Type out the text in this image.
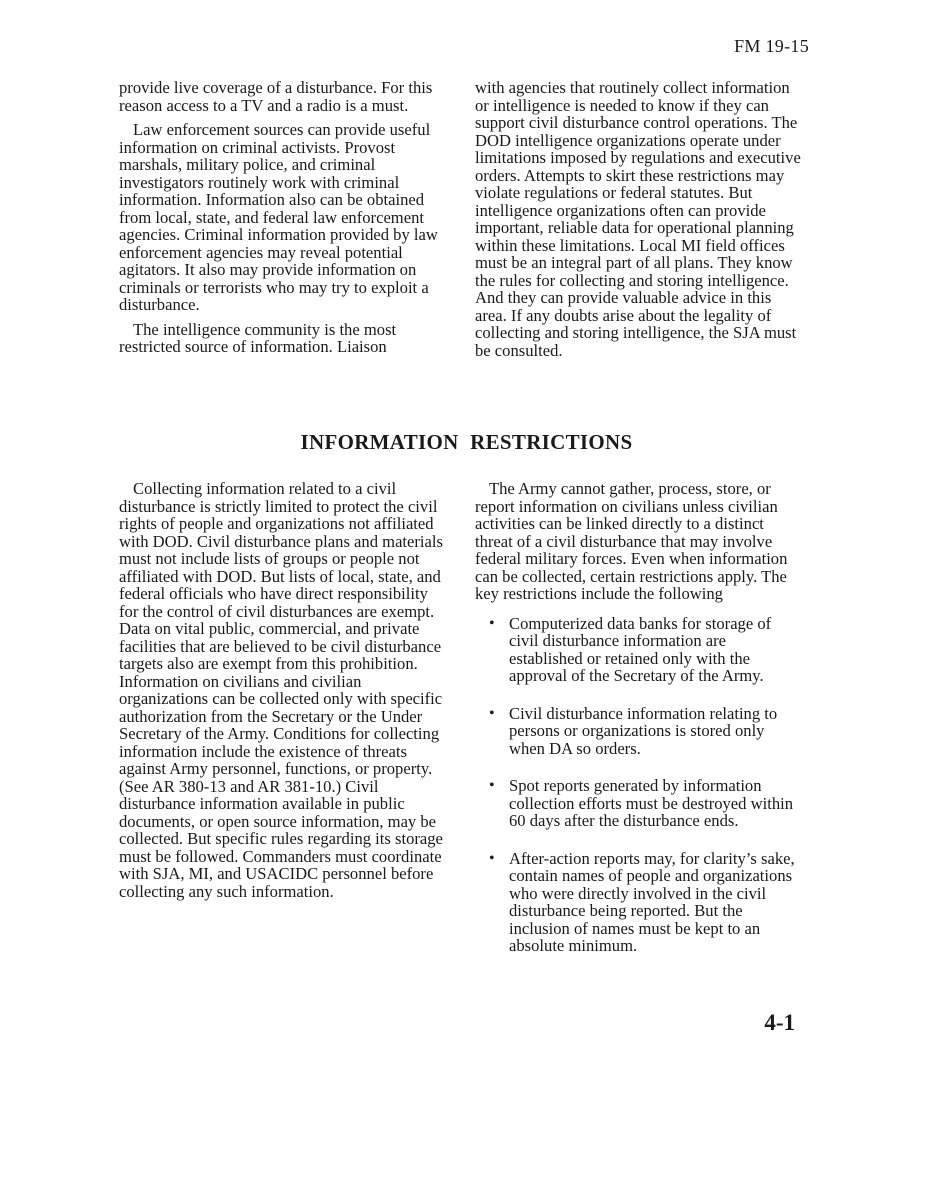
FM 19-15

provide live coverage of a disturbance. For this reason access to a TV and a radio is a must.

Law enforcement sources can provide useful information on criminal activists. Provost marshals, military police, and criminal investigators routinely work with criminal information. Information also can be obtained from local, state, and federal law enforcement agencies. Criminal information provided by law enforcement agencies may reveal potential agitators. It also may provide information on criminals or terrorists who may try to exploit a disturbance.

The intelligence community is the most restricted source of information. Liaison

with agencies that routinely collect information or intelligence is needed to know if they can support civil disturbance control operations. The DOD intelligence organizations operate under limitations imposed by regulations and executive orders. Attempts to skirt these restrictions may violate regulations or federal statutes. But intelligence organizations often can provide important, reliable data for operational planning within these limitations. Local MI field offices must be an integral part of all plans. They know the rules for collecting and storing intelligence. And they can provide valuable advice in this area. If any doubts arise about the legality of collecting and storing intelligence, the SJA must be consulted.

INFORMATION RESTRICTIONS

Collecting information related to a civil disturbance is strictly limited to protect the civil rights of people and organizations not affiliated with DOD. Civil disturbance plans and materials must not include lists of groups or people not affiliated with DOD. But lists of local, state, and federal officials who have direct responsibility for the control of civil disturbances are exempt. Data on vital public, commercial, and private facilities that are believed to be civil disturbance targets also are exempt from this prohibition. Information on civilians and civilian organizations can be collected only with specific authorization from the Secretary or the Under Secretary of the Army. Conditions for collecting information include the existence of threats against Army personnel, functions, or property. (See AR 380-13 and AR 381-10.) Civil disturbance information available in public documents, or open source information, may be collected. But specific rules regarding its storage must be followed. Commanders must coordinate with SJA, MI, and USACIDC personnel before collecting any such information.

The Army cannot gather, process, store, or report information on civilians unless civilian activities can be linked directly to a distinct threat of a civil disturbance that may involve federal military forces. Even when information can be collected, certain restrictions apply. The key restrictions include the following

• Computerized data banks for storage of civil disturbance information are established or retained only with the approval of the Secretary of the Army.
• Civil disturbance information relating to persons or organizations is stored only when DA so orders.
• Spot reports generated by information collection efforts must be destroyed within 60 days after the disturbance ends.
• After-action reports may, for clarity’s sake, contain names of people and organizations who were directly involved in the civil disturbance being reported. But the inclusion of names must be kept to an absolute minimum.
4-1
